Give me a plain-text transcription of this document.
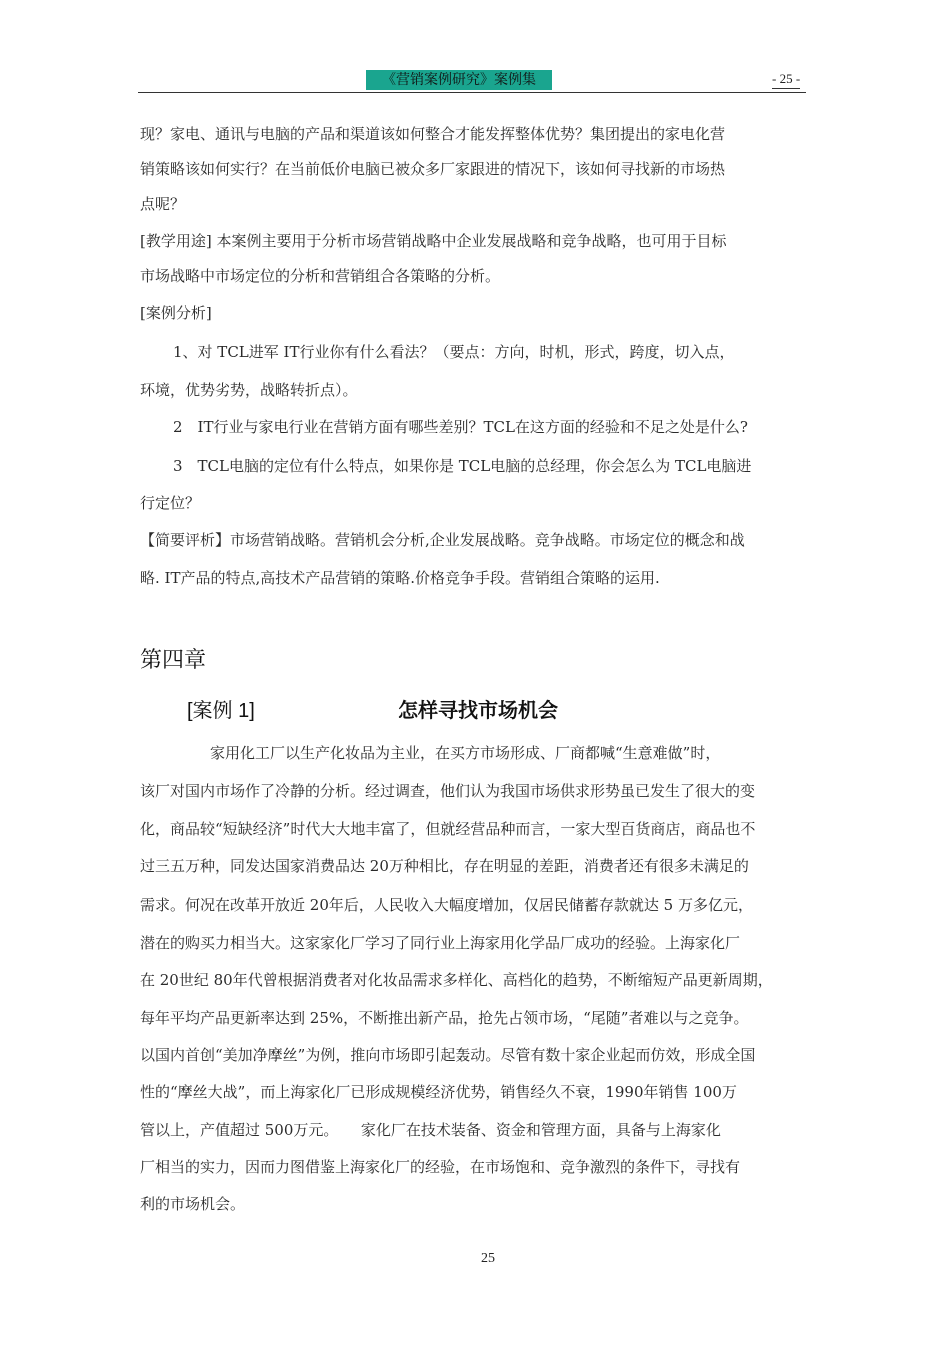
《营销案例研究》案例集	- 25 -
现？家电、通讯与电脑的产品和渠道该如何整合才能发挥整体优势？集团提出的家电化营
销策略该如何实行？在当前低价电脑已被众多厂家跟进的情况下，该如何寻找新的市场热
点呢？
[教学用途] 本案例主要用于分析市场营销战略中企业发展战略和竞争战略，也可用于目标
市场战略中市场定位的分析和营销组合各策略的分析。
[案例分析]
1、对 TCL进军 IT行业你有什么看法？（要点：方向，时机，形式，跨度，切入点，
环境，优势劣势，战略转折点）。
2　IT行业与家电行业在营销方面有哪些差别？TCL在这方面的经验和不足之处是什么?
3　TCL电脑的定位有什么特点，如果你是 TCL电脑的总经理，你会怎么为 TCL电脑进
行定位？
【简要评析】市场营销战略。营销机会分析,企业发展战略。竞争战略。市场定位的概念和战
略. IT产品的特点,高技术产品营销的策略.价格竞争手段。营销组合策略的运用.
第四章
[案例 1]	怎样寻找市场机会
家用化工厂以生产化妆品为主业，在买方市场形成、厂商都喊“生意难做”时，
该厂对国内市场作了冷静的分析。经过调查，他们认为我国市场供求形势虽已发生了很大的变
化，商品较“短缺经济”时代大大地丰富了，但就经营品种而言，一家大型百货商店，商品也不
过三五万种，同发达国家消费品达 20万种相比，存在明显的差距，消费者还有很多未满足的
需求。何况在改革开放近 20年后，人民收入大幅度增加，仅居民储蓄存款就达 5 万多亿元，
潜在的购买力相当大。这家家化厂学习了同行业上海家用化学品厂成功的经验。上海家化厂
在 20世纪 80年代曾根据消费者对化妆品需求多样化、高档化的趋势，不断缩短产品更新周期，
每年平均产品更新率达到 25%，不断推出新产品，抢先占领市场，“尾随”者难以与之竞争。
以国内首创“美加净摩丝”为例，推向市场即引起轰动。尽管有数十家企业起而仿效，形成全国
性的“摩丝大战”，而上海家化厂已形成规模经济优势，销售经久不衰，1990年销售 100万
管以上，产值超过 500万元。　　家化厂在技术装备、资金和管理方面，具备与上海家化
厂相当的实力，因而力图借鉴上海家化厂的经验，在市场饱和、竞争激烈的条件下，寻找有
利的市场机会。
25
